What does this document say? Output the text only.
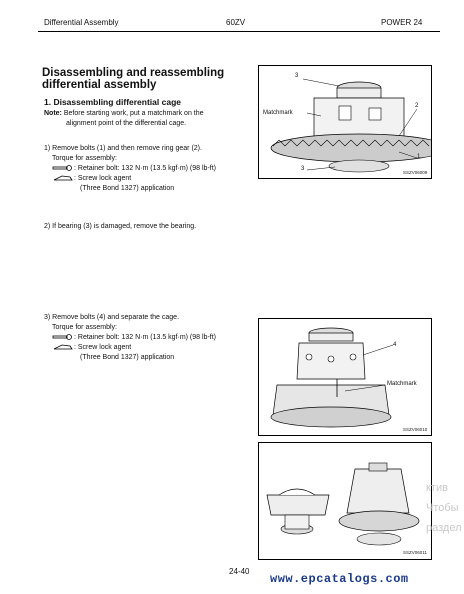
Differential Assembly	60ZV	POWER 24
Disassembling and reassembling differential assembly
1. Disassembling differential cage
Note: Before starting work, put a matchmark on the
alignment point of the differential cage.
1) Remove bolts (1) and then remove ring gear (2).
Torque for assembly:
: Retainer bolt: 132 N·m (13.5 kgf·m) (98 lb-ft)
: Screw lock agent
(Three Bond 1327) application
2) If bearing (3) is damaged, remove the bearing.
3) Remove bolts (4) and separate the cage.
Torque for assembly:
: Retainer bolt: 132 N·m (13.5 kgf·m) (98 lb-ft)
: Screw lock agent
(Three Bond 1327) application
3
Matchmark
2
1
3
SSZV06009
4
Matchmark
SSZV06010
SSZV06011
ктив
Чтобы
раздел
24-40
www.epcatalogs.com
